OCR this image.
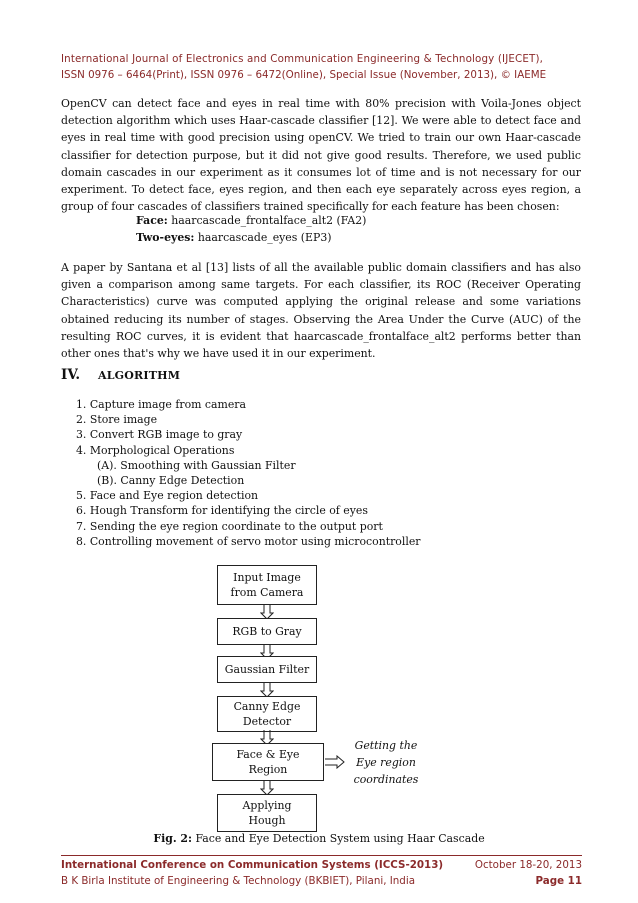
International Journal of Electronics and Communication Engineering & Technology (IJECET),
ISSN 0976 – 6464(Print), ISSN 0976 – 6472(Online), Special Issue (November, 2013), © IAEME

OpenCV can detect face and eyes in real time with 80% precision with Voila-Jones object detection algorithm which uses Haar-cascade classifier [12]. We were able to detect face and eyes in real time with good precision using openCV. We tried to train our own Haar-cascade classifier for detection purpose, but it did not give good results. Therefore, we used public domain cascades in our experiment as it consumes lot of time and is not necessary for our experiment. To detect face, eyes region, and then each eye separately across eyes region, a group of four cascades of classifiers trained specifically for each feature has been chosen:

Face: haarcascade_frontalface_alt2 (FA2)
Two-eyes: haarcascade_eyes (EP3)

A paper by Santana et al [13] lists of all the available public domain classifiers and has also given a comparison among same targets. For each classifier, its ROC (Receiver Operating Characteristics) curve was computed applying the original release and some variations obtained reducing its number of stages. Observing the Area Under the Curve (AUC) of the resulting ROC curves, it is evident that haarcascade_frontalface_alt2 performs better than other ones that's why we have used it in our experiment.

IV. ALGORITHM
1. Capture image from camera
2. Store image
3. Convert RGB image to gray
4. Morphological Operations
(A). Smoothing with Gaussian Filter
(B). Canny Edge Detection
5. Face and Eye region detection
6. Hough Transform for identifying the circle of eyes
7. Sending the eye region coordinate to the output port
8. Controlling movement of servo motor using microcontroller
Input Image
from Camera
RGB to Gray
Gaussian Filter
Canny Edge
Detector
Face & Eye
Region
Applying
Hough
Getting the
Eye region
coordinates
Fig. 2: Face and Eye Detection System using Haar Cascade
International Conference on Communication Systems (ICCS-2013)	October 18-20, 2013
B K Birla Institute of Engineering & Technology (BKBIET), Pilani, India	Page 11
